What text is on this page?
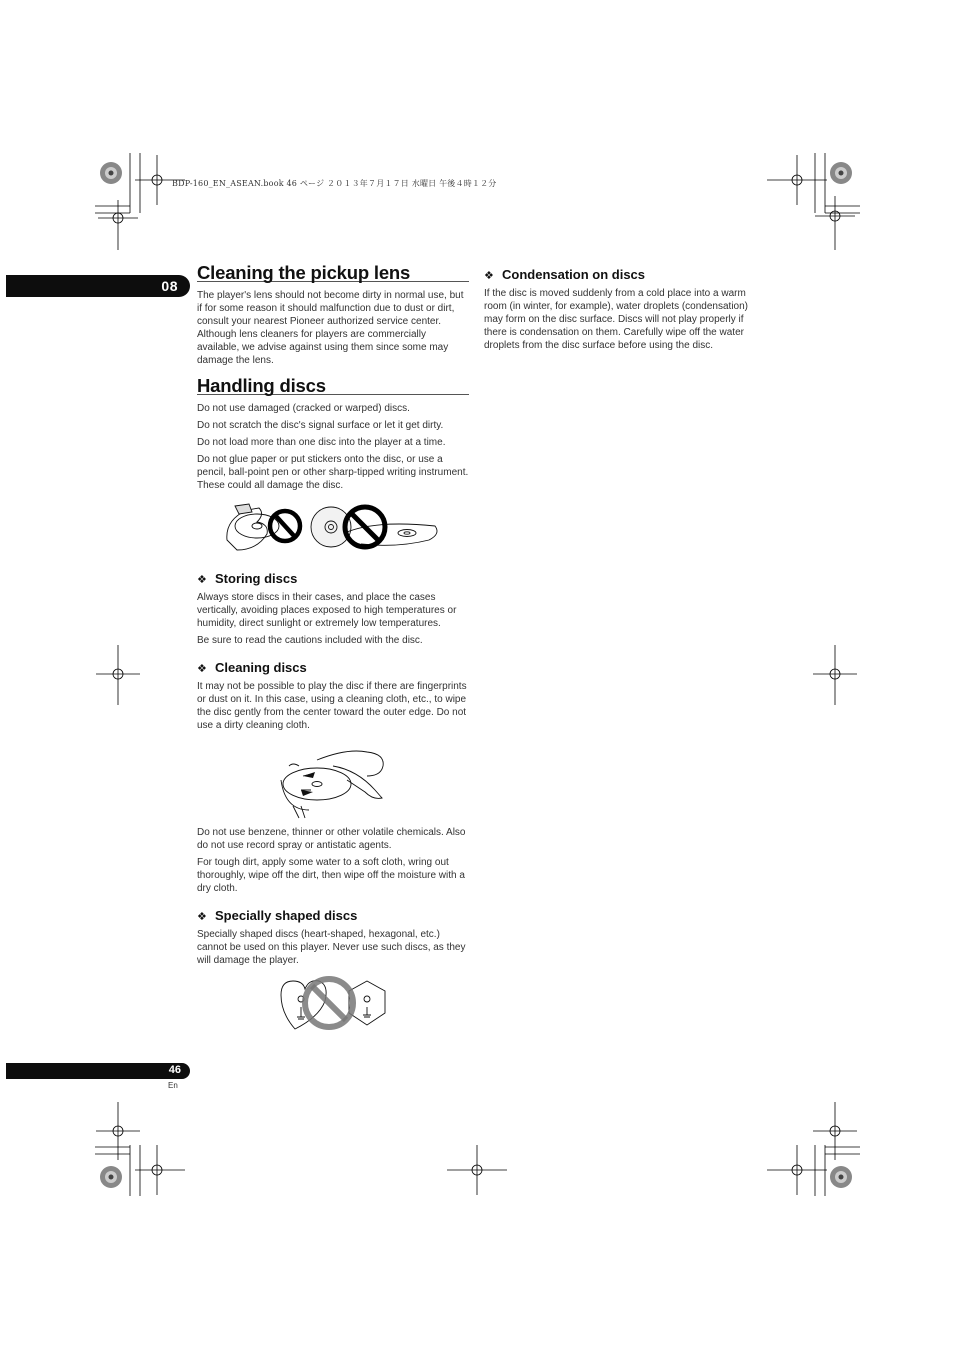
BDP-160_EN_ASEAN.book 46 ページ ２０１３年７月１７日 水曜日 午後４時１２分
08
Cleaning the pickup lens

The player's lens should not become dirty in normal use, but if for some reason it should malfunction due to dust or dirt, consult your nearest Pioneer authorized service center. Although lens cleaners for players are commercially available, we advise against using them since some may damage the lens.

Handling discs

Do not use damaged (cracked or warped) discs.

Do not scratch the disc's signal surface or let it get dirty.

Do not load more than one disc into the player at a time.

Do not glue paper or put stickers onto the disc, or use a pencil, ball-point pen or other sharp-tipped writing instrument. These could all damage the disc.

❖ Storing discs

Always store discs in their cases, and place the cases vertically, avoiding places exposed to high temperatures or humidity, direct sunlight or extremely low temperatures.

Be sure to read the cautions included with the disc.

❖ Cleaning discs

It may not be possible to play the disc if there are fingerprints or dust on it. In this case, using a cleaning cloth, etc., to wipe the disc gently from the center toward the outer edge. Do not use a dirty cleaning cloth.

Do not use benzene, thinner or other volatile chemicals. Also do not use record spray or antistatic agents.

For tough dirt, apply some water to a soft cloth, wring out thoroughly, wipe off the dirt, then wipe off the moisture with a dry cloth.

❖ Specially shaped discs

Specially shaped discs (heart-shaped, hexagonal, etc.) cannot be used on this player. Never use such discs, as they will damage the player.

❖ Condensation on discs

If the disc is moved suddenly from a cold place into a warm room (in winter, for example), water droplets (condensation) may form on the disc surface. Discs will not play properly if there is condensation on them. Carefully wipe off the water droplets from the disc surface before using the disc.

46
En
